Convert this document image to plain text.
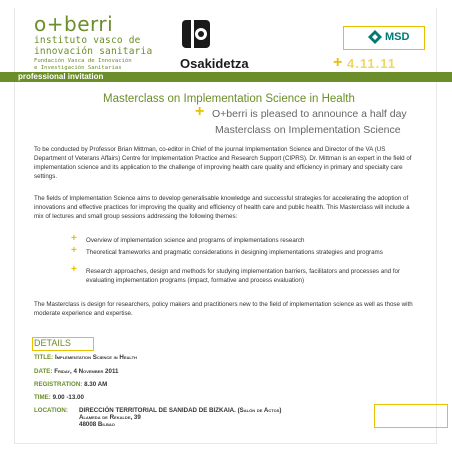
o+berri
instituto vasco de
innovación sanitaria
Fundación Vasca de Innovación
e Investigación Sanitarias	Osakidetza
MSD
+ 4.11.11
professional invitation
Masterclass on Implementation Science in Health
+ O+berri is pleased to announce a half day
Masterclass on Implementation Science
To be conducted by Professor Brian Mittman, co-editor in Chief of the journal Implementation Science and Director of the VA (US Department of Veterans Affairs) Centre for Implementation Practice and Research Support (CIPRS). Dr. Mittman is an expert in the field of implementation science and its application to the challenge of improving health care quality and efficiency in primary and specialty care settings.
The fields of Implementation Science aims to develop generalisable knowledge and successful strategies for accelerating the adoption of innovations and effective practices for improving the quality and efficiency of health care and public health. This Masterclass will include a mix of lectures and small group sessions addressing the following themes:
+ Overview of implementation science and programs of implementations research
+ Theoretical frameworks and pragmatic considerations in designing implementations strategies and programs
+ Research approaches, design and methods for studying implementation barriers, facilitators and processes and for evaluating implementation programs (impact, formative and process evaluation)
The Masterclass is design for researchers, policy makers and practitioners new to the field of implementation science as well as those with moderate experience and expertise.
DETAILS
TITLE: Implementation Science in Health
DATE: Friday, 4 November 2011
REGISTRATION: 8.30 AM
TIME: 9.00 -13.00
LOCATION: DIRECCIÓN TERRITORIAL DE SANIDAD DE BIZKAIA. (Salón de Actos)
Alameda de Rekalde, 39
48008 Bilbao
